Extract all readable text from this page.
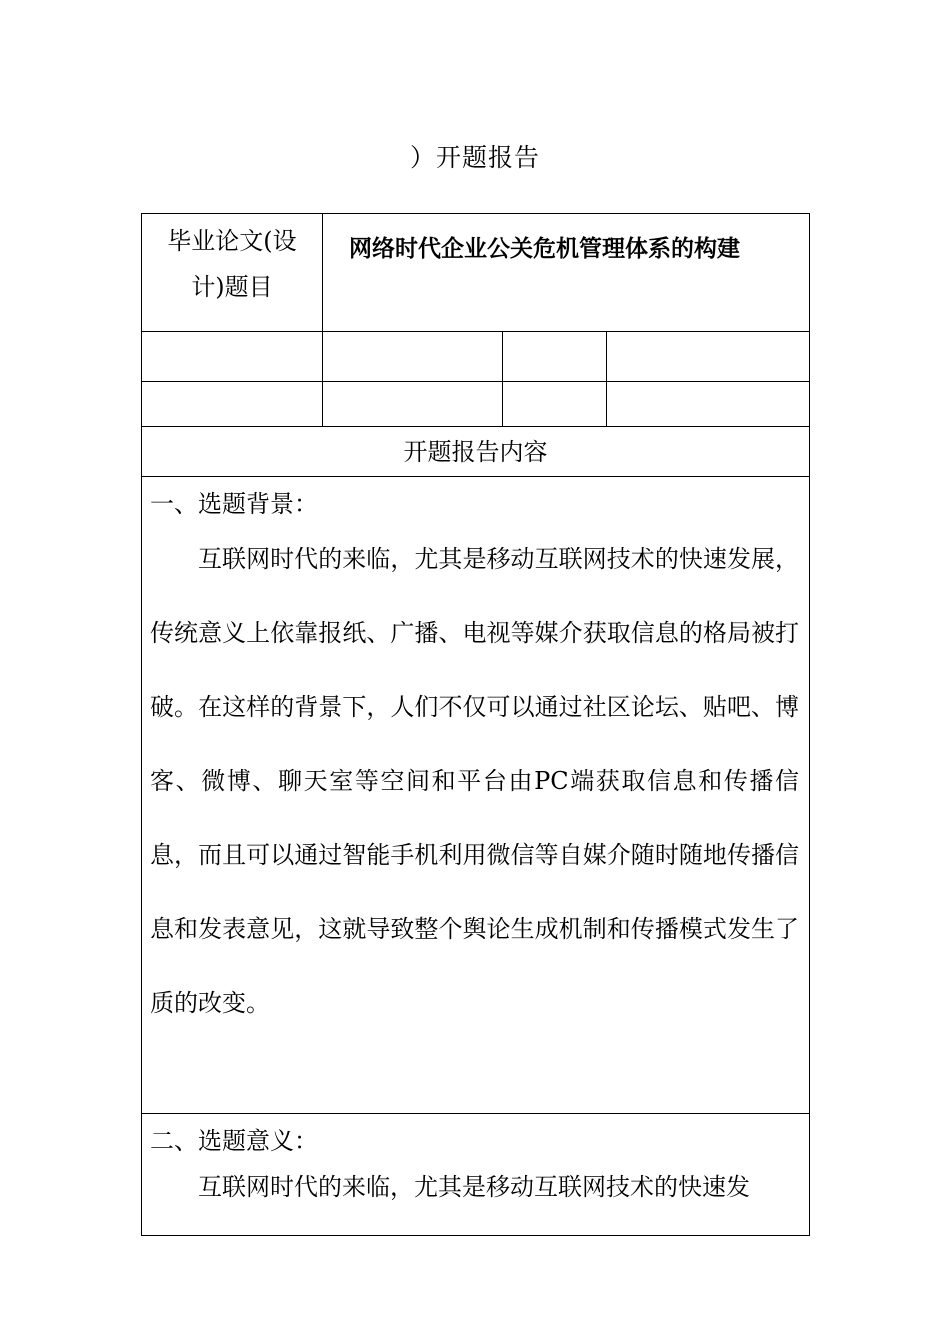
）开题报告
毕业论文(设计)题目	网络时代企业公关危机管理体系的构建		

开题报告内容			

一、选题背景：

互联网时代的来临，尤其是移动互联网技术的快速发展，传统意义上依靠报纸、广播、电视等媒介获取信息的格局被打破。在这样的背景下，人们不仅可以通过社区论坛、贴吧、博客、微博、聊天室等空间和平台由PC端获取信息和传播信息，而且可以通过智能手机利用微信等自媒介随时随地传播信息和发表意见，这就导致整个舆论生成机制和传播模式发生了质的改变。			

二、选题意义：

互联网时代的来临，尤其是移动互联网技术的快速发			
